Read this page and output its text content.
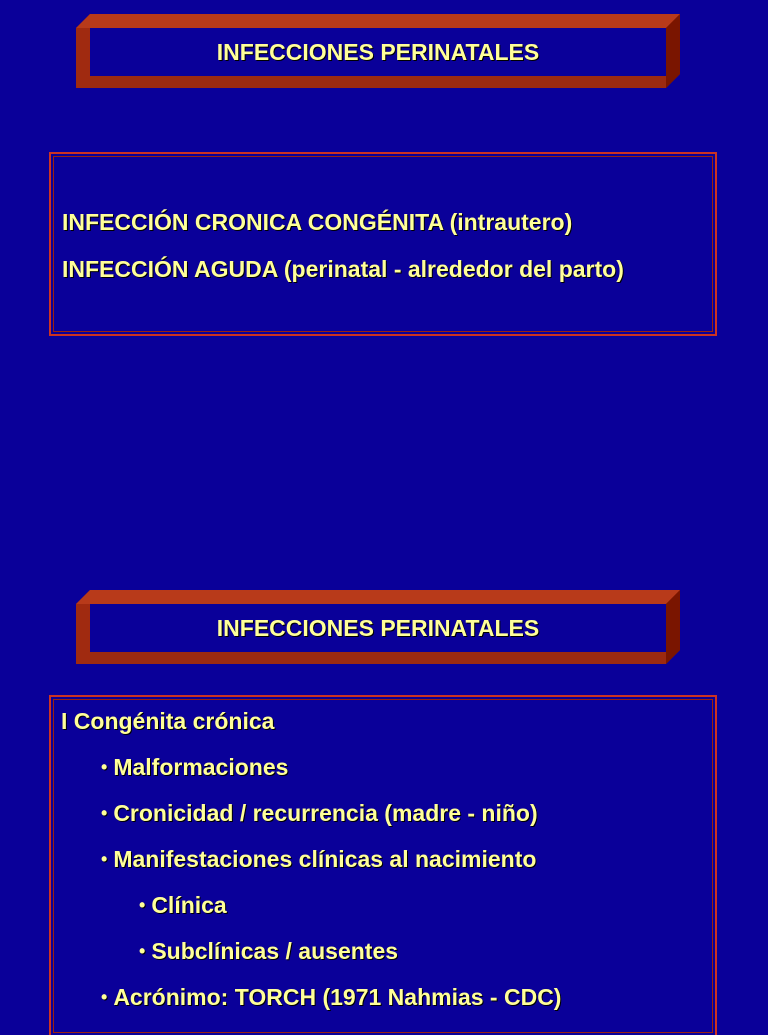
INFECCIONES PERINATALES
INFECCIÓN CRONICA CONGÉNITA (intrautero)
INFECCIÓN AGUDA (perinatal - alrededor del parto)
INFECCIONES PERINATALES
I Congénita crónica
• Malformaciones
• Cronicidad / recurrencia (madre - niño)
• Manifestaciones clínicas al nacimiento
• Clínica
• Subclínicas / ausentes
• Acrónimo: TORCH (1971 Nahmias - CDC)
